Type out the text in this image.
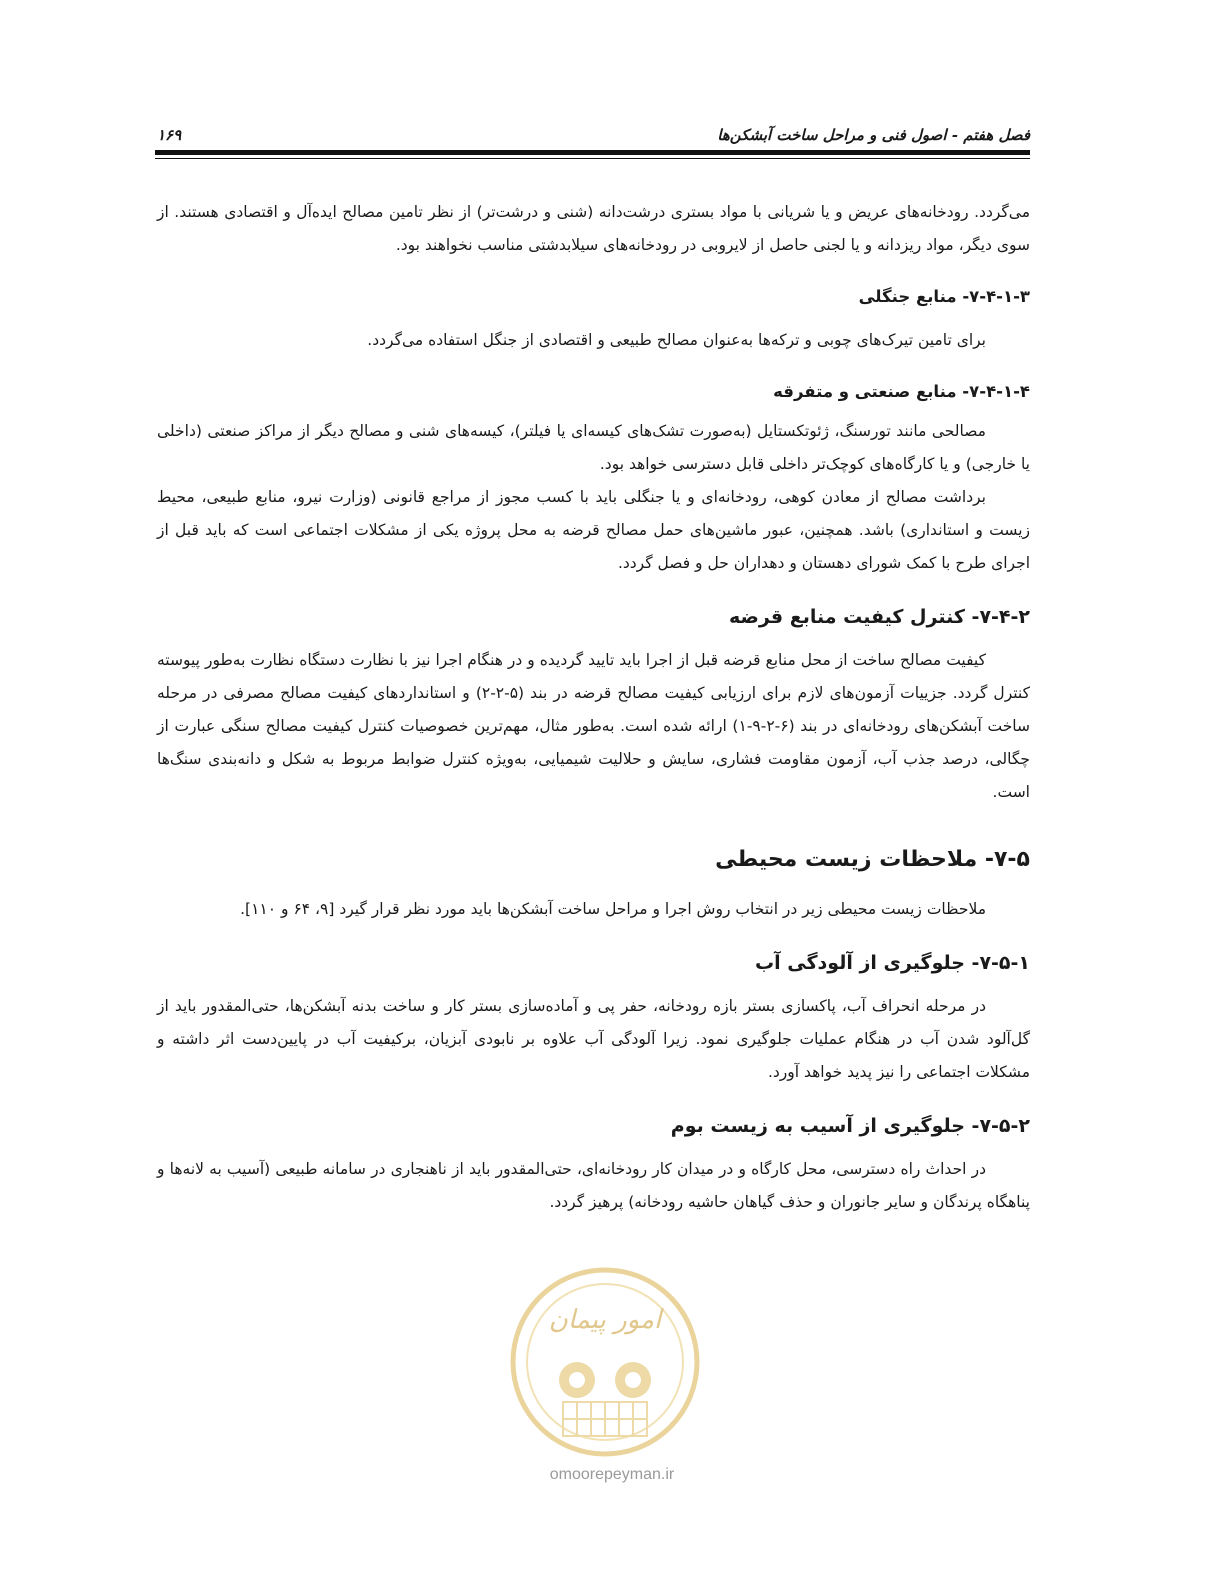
فصل هفتم - اصول فنی و مراحل ساخت آبشکن‌ها
۱۶۹

می‌گردد. رودخانه‌های عریض و یا شریانی با مواد بستری درشت‌دانه (شنی و درشت‌تر) از نظر تامین مصالح ایده‌آل و اقتصادی هستند. از سوی دیگر، مواد ریزدانه و یا لجنی حاصل از لایروبی در رودخانه‌های سیلابدشتی مناسب نخواهند بود.

۷-۴-۱-۳- منابع جنگلی

برای تامین تیرک‌های چوبی و ترکه‌ها به‌عنوان مصالح طبیعی و اقتصادی از جنگل استفاده می‌گردد.

۷-۴-۱-۴- منابع صنعتی و متفرقه

مصالحی مانند تورسنگ، ژئوتکستایل (به‌صورت تشک‌های کیسه‌ای یا فیلتر)، کیسه‌های شنی و مصالح دیگر از مراکز صنعتی (داخلی یا خارجی) و یا کارگاه‌های کوچک‌تر داخلی قابل دسترسی خواهد بود.

برداشت مصالح از معادن کوهی، رودخانه‌ای و یا جنگلی باید با کسب مجوز از مراجع قانونی (وزارت نیرو، منابع طبیعی، محیط زیست و استانداری) باشد. همچنین، عبور ماشین‌های حمل مصالح قرضه به محل پروژه یکی از مشکلات اجتماعی است که باید قبل از اجرای طرح با کمک شورای دهستان و دهداران حل و فصل گردد.

۷-۴-۲- کنترل کیفیت منابع قرضه

کیفیت مصالح ساخت از محل منابع قرضه قبل از اجرا باید تایید گردیده و در هنگام اجرا نیز با نظارت دستگاه نظارت به‌طور پیوسته کنترل گردد. جزییات آزمون‌های لازم برای ارزیابی کیفیت مصالح قرضه در بند (۵-۲-۲) و استانداردهای کیفیت مصالح مصرفی در مرحله ساخت آبشکن‌های رودخانه‌ای در بند (۶-۲-۹-۱) ارائه شده است. به‌طور مثال، مهم‌ترین خصوصیات کنترل کیفیت مصالح سنگی عبارت از چگالی، درصد جذب آب، آزمون مقاومت فشاری، سایش و حلالیت شیمیایی، به‌ویژه کنترل ضوابط مربوط به شکل و دانه‌بندی سنگ‌ها است.

۷-۵- ملاحظات زیست محیطی

ملاحظات زیست محیطی زیر در انتخاب روش اجرا و مراحل ساخت آبشکن‌ها باید مورد نظر قرار گیرد [۹، ۶۴ و ۱۱۰].

۷-۵-۱- جلوگیری از آلودگی آب

در مرحله انحراف آب، پاکسازی بستر بازه رودخانه، حفر پی و آماده‌سازی بستر کار و ساخت بدنه آبشکن‌ها، حتی‌المقدور باید از گل‌آلود شدن آب در هنگام عملیات جلوگیری نمود. زیرا آلودگی آب علاوه بر نابودی آبزیان، برکیفیت آب در پایین‌دست اثر داشته و مشکلات اجتماعی را نیز پدید خواهد آورد.

۷-۵-۲- جلوگیری از آسیب به زیست بوم

در احداث راه دسترسی، محل کارگاه و در میدان کار رودخانه‌ای، حتی‌المقدور باید از ناهنجاری در سامانه طبیعی (آسیب به لانه‌ها و پناهگاه پرندگان و سایر جانوران و حذف گیاهان حاشیه رودخانه) پرهیز گردد.

امور پیمان
omoorepeyman.ir
